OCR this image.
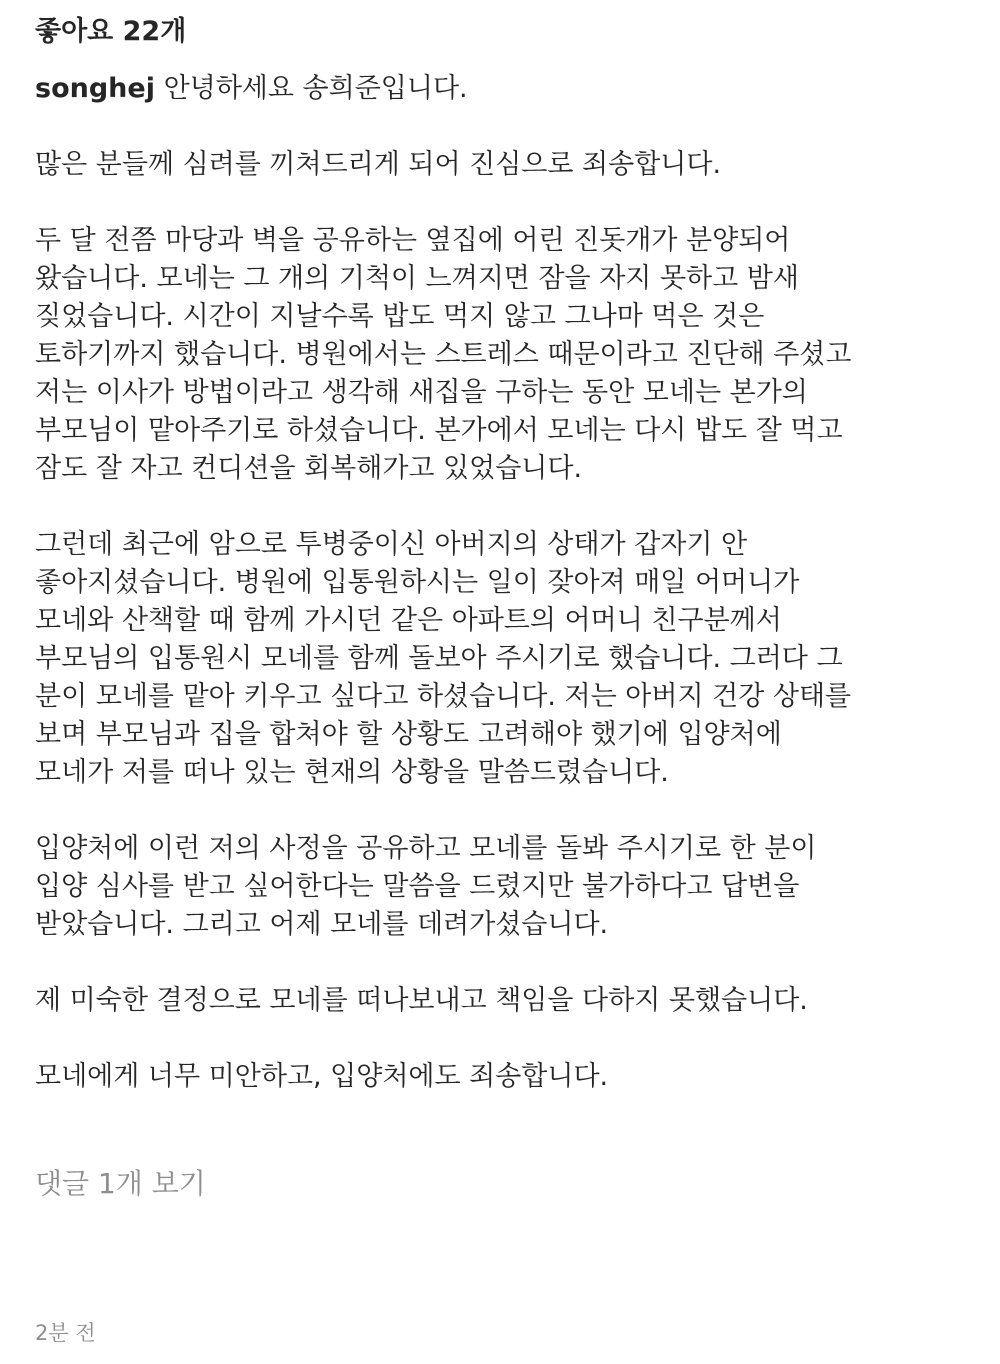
좋아요 22개
songhej 안녕하세요 송희준입니다.
많은 분들께 심려를 끼쳐드리게 되어 진심으로 죄송합니다.
두 달 전쯤 마당과 벽을 공유하는 옆집에 어린 진돗개가 분양되어
왔습니다. 모네는 그 개의 기척이 느껴지면 잠을 자지 못하고 밤새
짖었습니다. 시간이 지날수록 밥도 먹지 않고 그나마 먹은 것은
토하기까지 했습니다. 병원에서는 스트레스 때문이라고 진단해 주셨고
저는 이사가 방법이라고 생각해 새집을 구하는 동안 모네는 본가의
부모님이 맡아주기로 하셨습니다. 본가에서 모네는 다시 밥도 잘 먹고
잠도 잘 자고 컨디션을 회복해가고 있었습니다.
그런데 최근에 암으로 투병중이신 아버지의 상태가 갑자기 안
좋아지셨습니다. 병원에 입통원하시는 일이 잦아져 매일 어머니가
모네와 산책할 때 함께 가시던 같은 아파트의 어머니 친구분께서
부모님의 입통원시 모네를 함께 돌보아 주시기로 했습니다. 그러다 그
분이 모네를 맡아 키우고 싶다고 하셨습니다. 저는 아버지 건강 상태를
보며 부모님과 집을 합쳐야 할 상황도 고려해야 했기에 입양처에
모네가 저를 떠나 있는 현재의 상황을 말씀드렸습니다.
입양처에 이런 저의 사정을 공유하고 모네를 돌봐 주시기로 한 분이
입양 심사를 받고 싶어한다는 말씀을 드렸지만 불가하다고 답변을
받았습니다. 그리고 어제 모네를 데려가셨습니다.
제 미숙한 결정으로 모네를 떠나보내고 책임을 다하지 못했습니다.
모네에게 너무 미안하고, 입양처에도 죄송합니다.
댓글 1개 보기
2분 전
